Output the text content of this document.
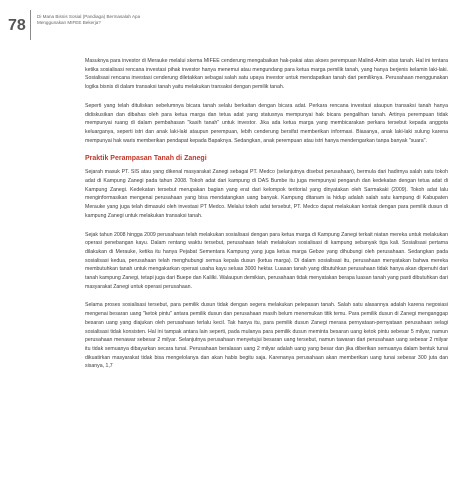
78
Di Mana Bisnis Sosial (Pandiaga) Bermasalah Apa
Menggunakan MIFEE Bekerja?

Masuknya para investor di Merauke melalui skema MIFEE cenderung mengabaikan hak-pakai atas akses perempuan Malind-Anim atas tanah. Hal ini tentara ketika sosialisasi rencana investasi pihak investor hanya menemui atau mengundang para ketua marga pemilik tanah, yang hanya berjenis kelamin laki-laki. Sosialisasi rencana investasi cenderung diletakkan sebagai salah satu upaya investor untuk mendapatkan tanah dari pemiliknya. Perusahaan menggunakan logika bisnis di dalam transaksi tanah yaitu melakukan transaksi dengan pemilik tanah.

Seperti yang telah dituliskan sebelumnya bicara tanah selalu berkaitan dengan bicara adat. Perkara rencana investasi ataupun transaksi tanah hanya didiskusikan dan dibahas oleh para ketua marga dan tetua adat yang statusnya mempunyai hak bicara pengalihan tanah. Artinya perempuan tidak mempunyai ruang di dalam pembahasan "kasih tanah" untuk investor. Jika ada ketua marga yang membicarakan perkara tersebut kepada anggota keluarganya, seperti istri dan anak laki-laki ataupun perempuan, lebih cenderung bersifat memberikan informasi. Biasanya, anak laki-laki sulung karena mempunyai hak waris memberikan pendapat kepada Bapaknya. Sedangkan, anak perempuan atau istri hanya mendengarkan tanpa banyak "suara".

Praktik Perampasan Tanah di Zanegi

Sejarah masuk PT. SIS atau yang dikenal masyarakat Zanegi sebagai PT. Medco (selanjutnya disebut perusahaan), bermula dari hadirnya salah satu tokoh adat di Kampung Zanegi pada tahun 2008. Tokoh adat dari kampung di DAS Bumbe itu juga mempunyai pengaruh dan kedekatan dengan tetua adat di Kampung Zanegi. Kedekatan tersebut merupakan bagian yang erat dari kelompok teritorial yang dinyatakan oleh Sarmakaki (2009). Tokoh adat lalu menginformasikan mengenai perusahaan yang bisa mendatangkan uang banyak. Kampung ditanam ia hidup adalah salah satu kampung di Kabupaten Merauke yang juga telah dimasuki oleh investasi PT Medco. Melalui tokoh adat tersebut, PT. Medco dapat melakukan kontak dengan para pemilik dusun di kampung Zanegi untuk melakukan transaksi tanah.

Sejak tahun 2008 hingga 2009 perusahaan telah melakukan sosialisasi dengan para ketua marga di Kampung Zanegi terkait niatan mereka untuk melakukan operasi penebangan kayu. Dalam rentang waktu tersebut, perusahaan telah melakukan sosialisasi di kampung sebanyak tiga kali. Sosialisasi pertama dilakukan di Merauke, ketika itu hanya Pejabat Sementara Kampung yang juga ketua marga Gebze yang dihubungi oleh perusahaan. Sedangkan pada sosialisasi kedua, perusahaan telah menghubungi semua kepala dusun (ketua marga). Di dalam sosialisasi itu, perusahaan menyatakan bahwa mereka membutuhkan tanah untuk mengakarkan operasi usaha kayu seluas 3000 hektar. Luasan tanah yang dibutuhkan perusahaan tidak hanya akan dipenuhi dari tanah kampung Zanegi, tetapi juga dari Buepe dan Kalilki. Walaupun demikian, perusahaan tidak menyatakan berapa luasan tanah yang pasti dibutuhkan dari masyarakat Zanegi untuk operasi perusahaan.

Selama proses sosialisasi tersebut, para pemilik dusun tidak dengan segera melakukan pelepasan tanah. Salah satu alasannya adalah karena negosiasi mengenai besaran uang "ketok pintu" antara pemilik dusun dan perusahaan masih belum menemukan titik temu. Para pemilik dusun di Zanegi menganggap besaran uang yang diajukan oleh perusahaan terlalu kecil. Tak hanya itu, para pemilik dusun Zanegi merasa pernyataan-pernyataan perusahaan selagi sosialisasi tidak konsisten. Hal ini tampak antara lain seperti, pada mulanya para pemilik dusun meminta besaran uang ketok pintu sebesar 5 milyar, namun perusahaan menawar sebesar 2 milyar. Selanjutnya perusahaan menyetujui besaran uang tersebut, namun tawaran dari perusahaan uang sebesar 2 milyar itu tidak semuanya dibayarkan secara tunai. Perusahaan beralasan uang 2 milyar adalah uang yang besar dan jika diberikan semuanya dalam bentuk tunai dikuatirkan masyarakat tidak bisa mengelolanya dan akan habis begitu saja. Karenanya perusahaan akan memberikan uang tunai sebesar 300 juta dan sisanya, 1,7
